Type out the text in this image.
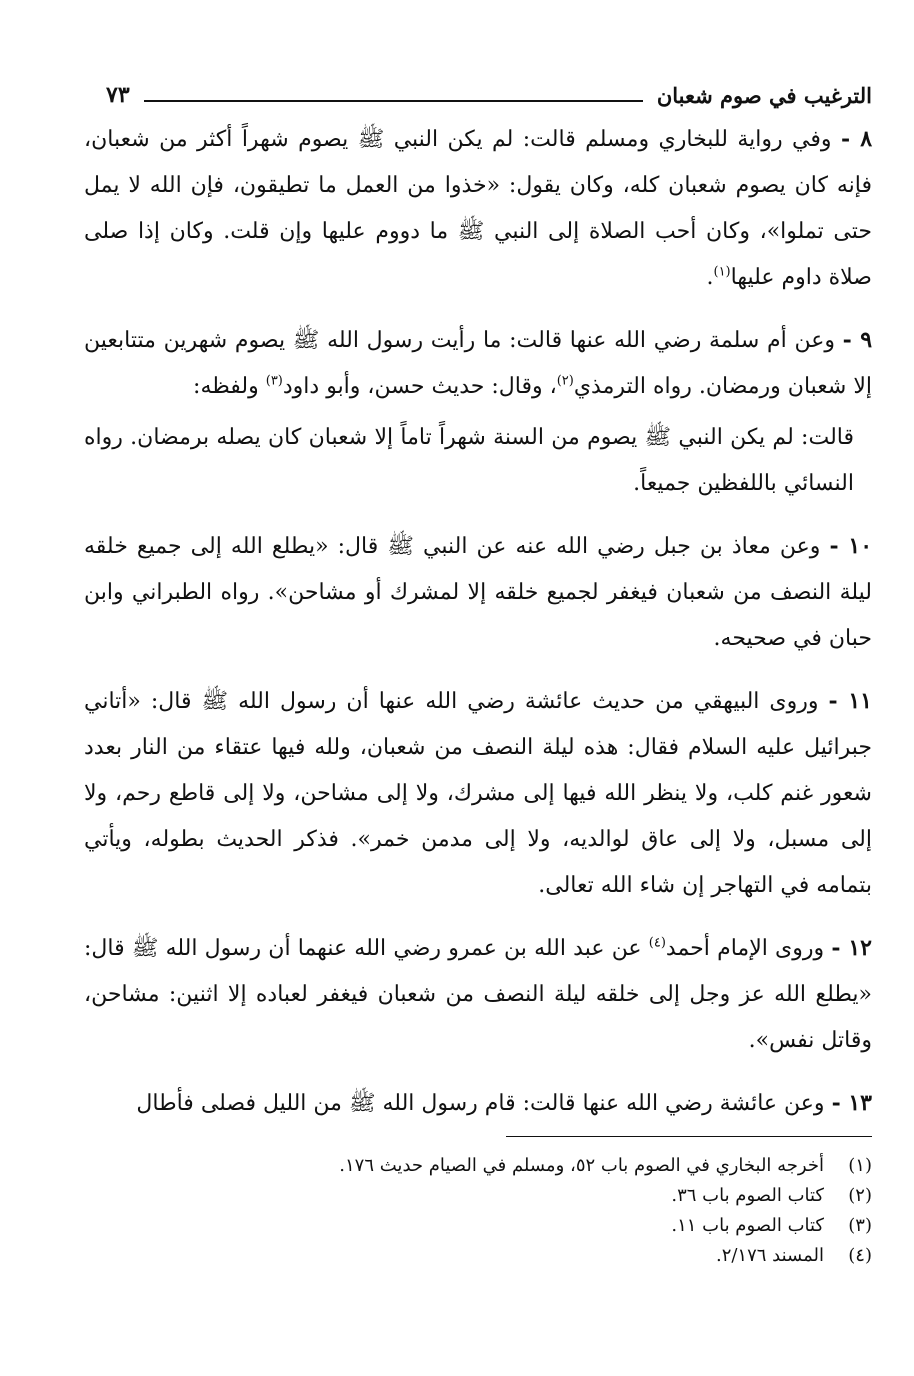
الترغيب في صوم شعبان
٧٣

٨ - وفي رواية للبخاري ومسلم قالت: لم يكن النبي ﷺ يصوم شهراً أكثر من شعبان، فإنه كان يصوم شعبان كله، وكان يقول: «خذوا من العمل ما تطيقون، فإن الله لا يمل حتى تملوا»، وكان أحب الصلاة إلى النبي ﷺ ما دووم عليها وإن قلت. وكان إذا صلى صلاة داوم عليها$^{(١)}$.

٩ - وعن أم سلمة رضي الله عنها قالت: ما رأيت رسول الله ﷺ يصوم شهرين متتابعين إلا شعبان ورمضان. رواه الترمذي$^{(٢)}$، وقال: حديث حسن، وأبو داود$^{(٣)}$ ولفظه:

قالت: لم يكن النبي ﷺ يصوم من السنة شهراً تاماً إلا شعبان كان يصله برمضان. رواه النسائي باللفظين جميعاً.

١٠ - وعن معاذ بن جبل رضي الله عنه عن النبي ﷺ قال: «يطلع الله إلى جميع خلقه ليلة النصف من شعبان فيغفر لجميع خلقه إلا لمشرك أو مشاحن». رواه الطبراني وابن حبان في صحيحه.

١١ - وروى البيهقي من حديث عائشة رضي الله عنها أن رسول الله ﷺ قال: «أتاني جبرائيل عليه السلام فقال: هذه ليلة النصف من شعبان، ولله فيها عتقاء من النار بعدد شعور غنم كلب، ولا ينظر الله فيها إلى مشرك، ولا إلى مشاحن، ولا إلى قاطع رحم، ولا إلى مسبل، ولا إلى عاق لوالديه، ولا إلى مدمن خمر». فذكر الحديث بطوله، ويأتي بتمامه في التهاجر إن شاء الله تعالى.

١٢ - وروى الإمام أحمد$^{(٤)}$ عن عبد الله بن عمرو رضي الله عنهما أن رسول الله ﷺ قال: «يطلع الله عز وجل إلى خلقه ليلة النصف من شعبان فيغفر لعباده إلا اثنين: مشاحن، وقاتل نفس».

١٣ - وعن عائشة رضي الله عنها قالت: قام رسول الله ﷺ من الليل فصلى فأطال

(١)
أخرجه البخاري في الصوم باب ٥٢، ومسلم في الصيام حديث ١٧٦.
(٢)
كتاب الصوم باب ٣٦.
(٣)
كتاب الصوم باب ١١.
(٤)
المسند ٢/١٧٦.
